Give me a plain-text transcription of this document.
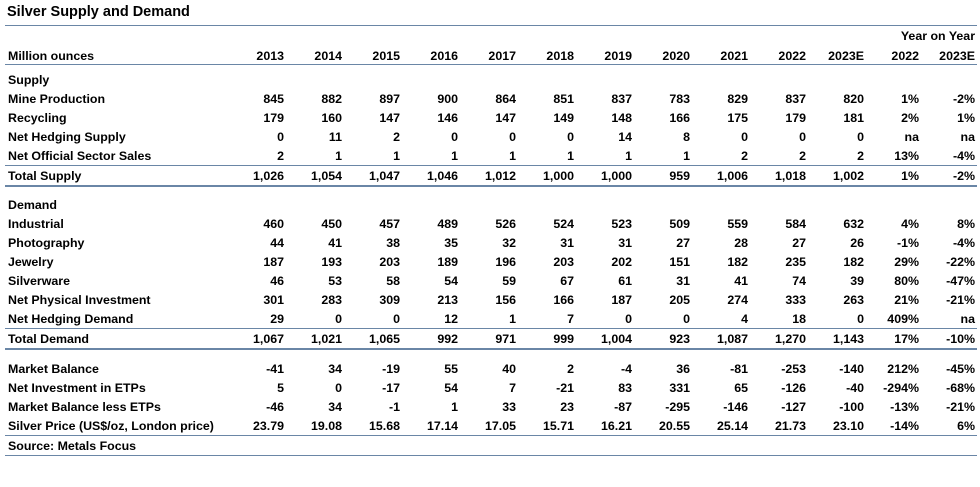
Silver Supply and Demand
												Year on Year	
Million ounces	2013	2014	2015	2016	2017	2018	2019	2020	2021	2022	2023E	2022	2023E

Supply													
Mine Production	845	882	897	900	864	851	837	783	829	837	820	1%	-2%
Recycling	179	160	147	146	147	149	148	166	175	179	181	2%	1%
Net Hedging Supply	0	11	2	0	0	0	14	8	0	0	0	na	na
Net Official Sector Sales	2	1	1	1	1	1	1	1	2	2	2	13%	-4%
Total Supply	1,026	1,054	1,047	1,046	1,012	1,000	1,000	959	1,006	1,018	1,002	1%	-2%

Demand													
Industrial	460	450	457	489	526	524	523	509	559	584	632	4%	8%
Photography	44	41	38	35	32	31	31	27	28	27	26	-1%	-4%
Jewelry	187	193	203	189	196	203	202	151	182	235	182	29%	-22%
Silverware	46	53	58	54	59	67	61	31	41	74	39	80%	-47%
Net Physical Investment	301	283	309	213	156	166	187	205	274	333	263	21%	-21%
Net Hedging Demand	29	0	0	12	1	7	0	0	4	18	0	409%	na
Total Demand	1,067	1,021	1,065	992	971	999	1,004	923	1,087	1,270	1,143	17%	-10%

Market Balance	-41	34	-19	55	40	2	-4	36	-81	-253	-140	212%	-45%
Net Investment in ETPs	5	0	-17	54	7	-21	83	331	65	-126	-40	-294%	-68%
Market Balance less ETPs	-46	34	-1	1	33	23	-87	-295	-146	-127	-100	-13%	-21%
Silver Price (US$/oz, London price)	23.79	19.08	15.68	17.14	17.05	15.71	16.21	20.55	25.14	21.73	23.10	-14%	6%
Source: Metals Focus													
